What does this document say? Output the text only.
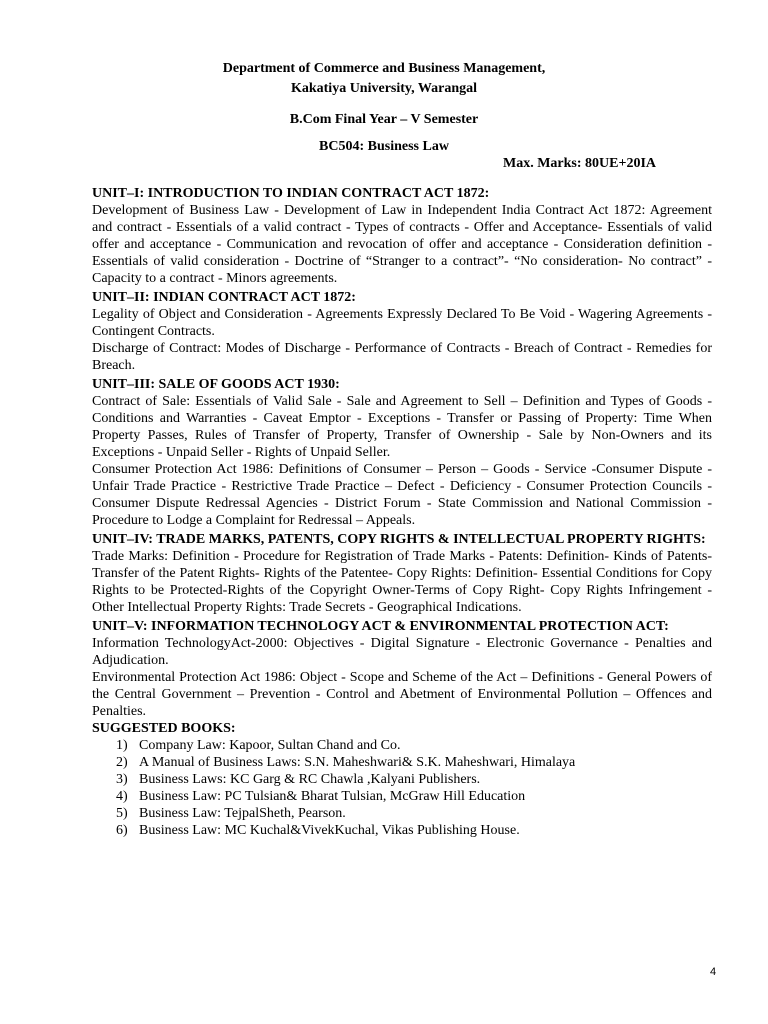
Department of Commerce and Business Management,
Kakatiya University, Warangal
B.Com Final Year – V Semester
BC504: Business Law
Max. Marks: 80UE+20IA

UNIT–I: INTRODUCTION TO INDIAN CONTRACT ACT 1872:

Development of Business Law - Development of Law in Independent India Contract Act 1872: Agreement and contract - Essentials of a valid contract - Types of contracts - Offer and Acceptance- Essentials of valid offer and acceptance - Communication and revocation of offer and acceptance - Consideration definition - Essentials of valid consideration - Doctrine of “Stranger to a contract”- “No consideration- No contract” - Capacity to a contract - Minors agreements.

UNIT–II: INDIAN CONTRACT ACT 1872:

Legality of Object and Consideration - Agreements Expressly Declared To Be Void - Wagering Agreements - Contingent Contracts.

Discharge of Contract: Modes of Discharge - Performance of Contracts - Breach of Contract - Remedies for Breach.

UNIT–III: SALE OF GOODS ACT 1930:

Contract of Sale: Essentials of Valid Sale - Sale and Agreement to Sell – Definition and Types of Goods - Conditions and Warranties - Caveat Emptor - Exceptions - Transfer or Passing of Property: Time When Property Passes, Rules of Transfer of Property, Transfer of Ownership - Sale by Non-Owners and its Exceptions - Unpaid Seller - Rights of Unpaid Seller.

Consumer Protection Act 1986: Definitions of Consumer – Person – Goods - Service -Consumer Dispute - Unfair Trade Practice - Restrictive Trade Practice – Defect - Deficiency - Consumer Protection Councils - Consumer Dispute Redressal Agencies - District Forum - State Commission and National Commission - Procedure to Lodge a Complaint for Redressal – Appeals.

UNIT–IV: TRADE MARKS, PATENTS, COPY RIGHTS & INTELLECTUAL PROPERTY RIGHTS:

Trade Marks: Definition - Procedure for Registration of Trade Marks - Patents: Definition- Kinds of Patents- Transfer of the Patent Rights- Rights of the Patentee- Copy Rights: Definition- Essential Conditions for Copy Rights to be Protected-Rights of the Copyright Owner-Terms of Copy Right- Copy Rights Infringement - Other Intellectual Property Rights: Trade Secrets - Geographical Indications.

UNIT–V: INFORMATION TECHNOLOGY ACT & ENVIRONMENTAL PROTECTION ACT:

Information TechnologyAct-2000: Objectives - Digital Signature - Electronic Governance - Penalties and Adjudication.

Environmental Protection Act 1986: Object - Scope and Scheme of the Act – Definitions - General Powers of the Central Government – Prevention - Control and Abetment of Environmental Pollution – Offences and Penalties.

SUGGESTED BOOKS:

1) Company Law: Kapoor, Sultan Chand and Co.
2) A Manual of Business Laws: S.N. Maheshwari& S.K. Maheshwari, Himalaya
3) Business Laws: KC Garg & RC Chawla ,Kalyani Publishers.
4) Business Law: PC Tulsian& Bharat Tulsian, McGraw Hill Education
5) Business Law: TejpalSheth, Pearson.
6) Business Law: MC Kuchal&VivekKuchal, Vikas Publishing House.
4
